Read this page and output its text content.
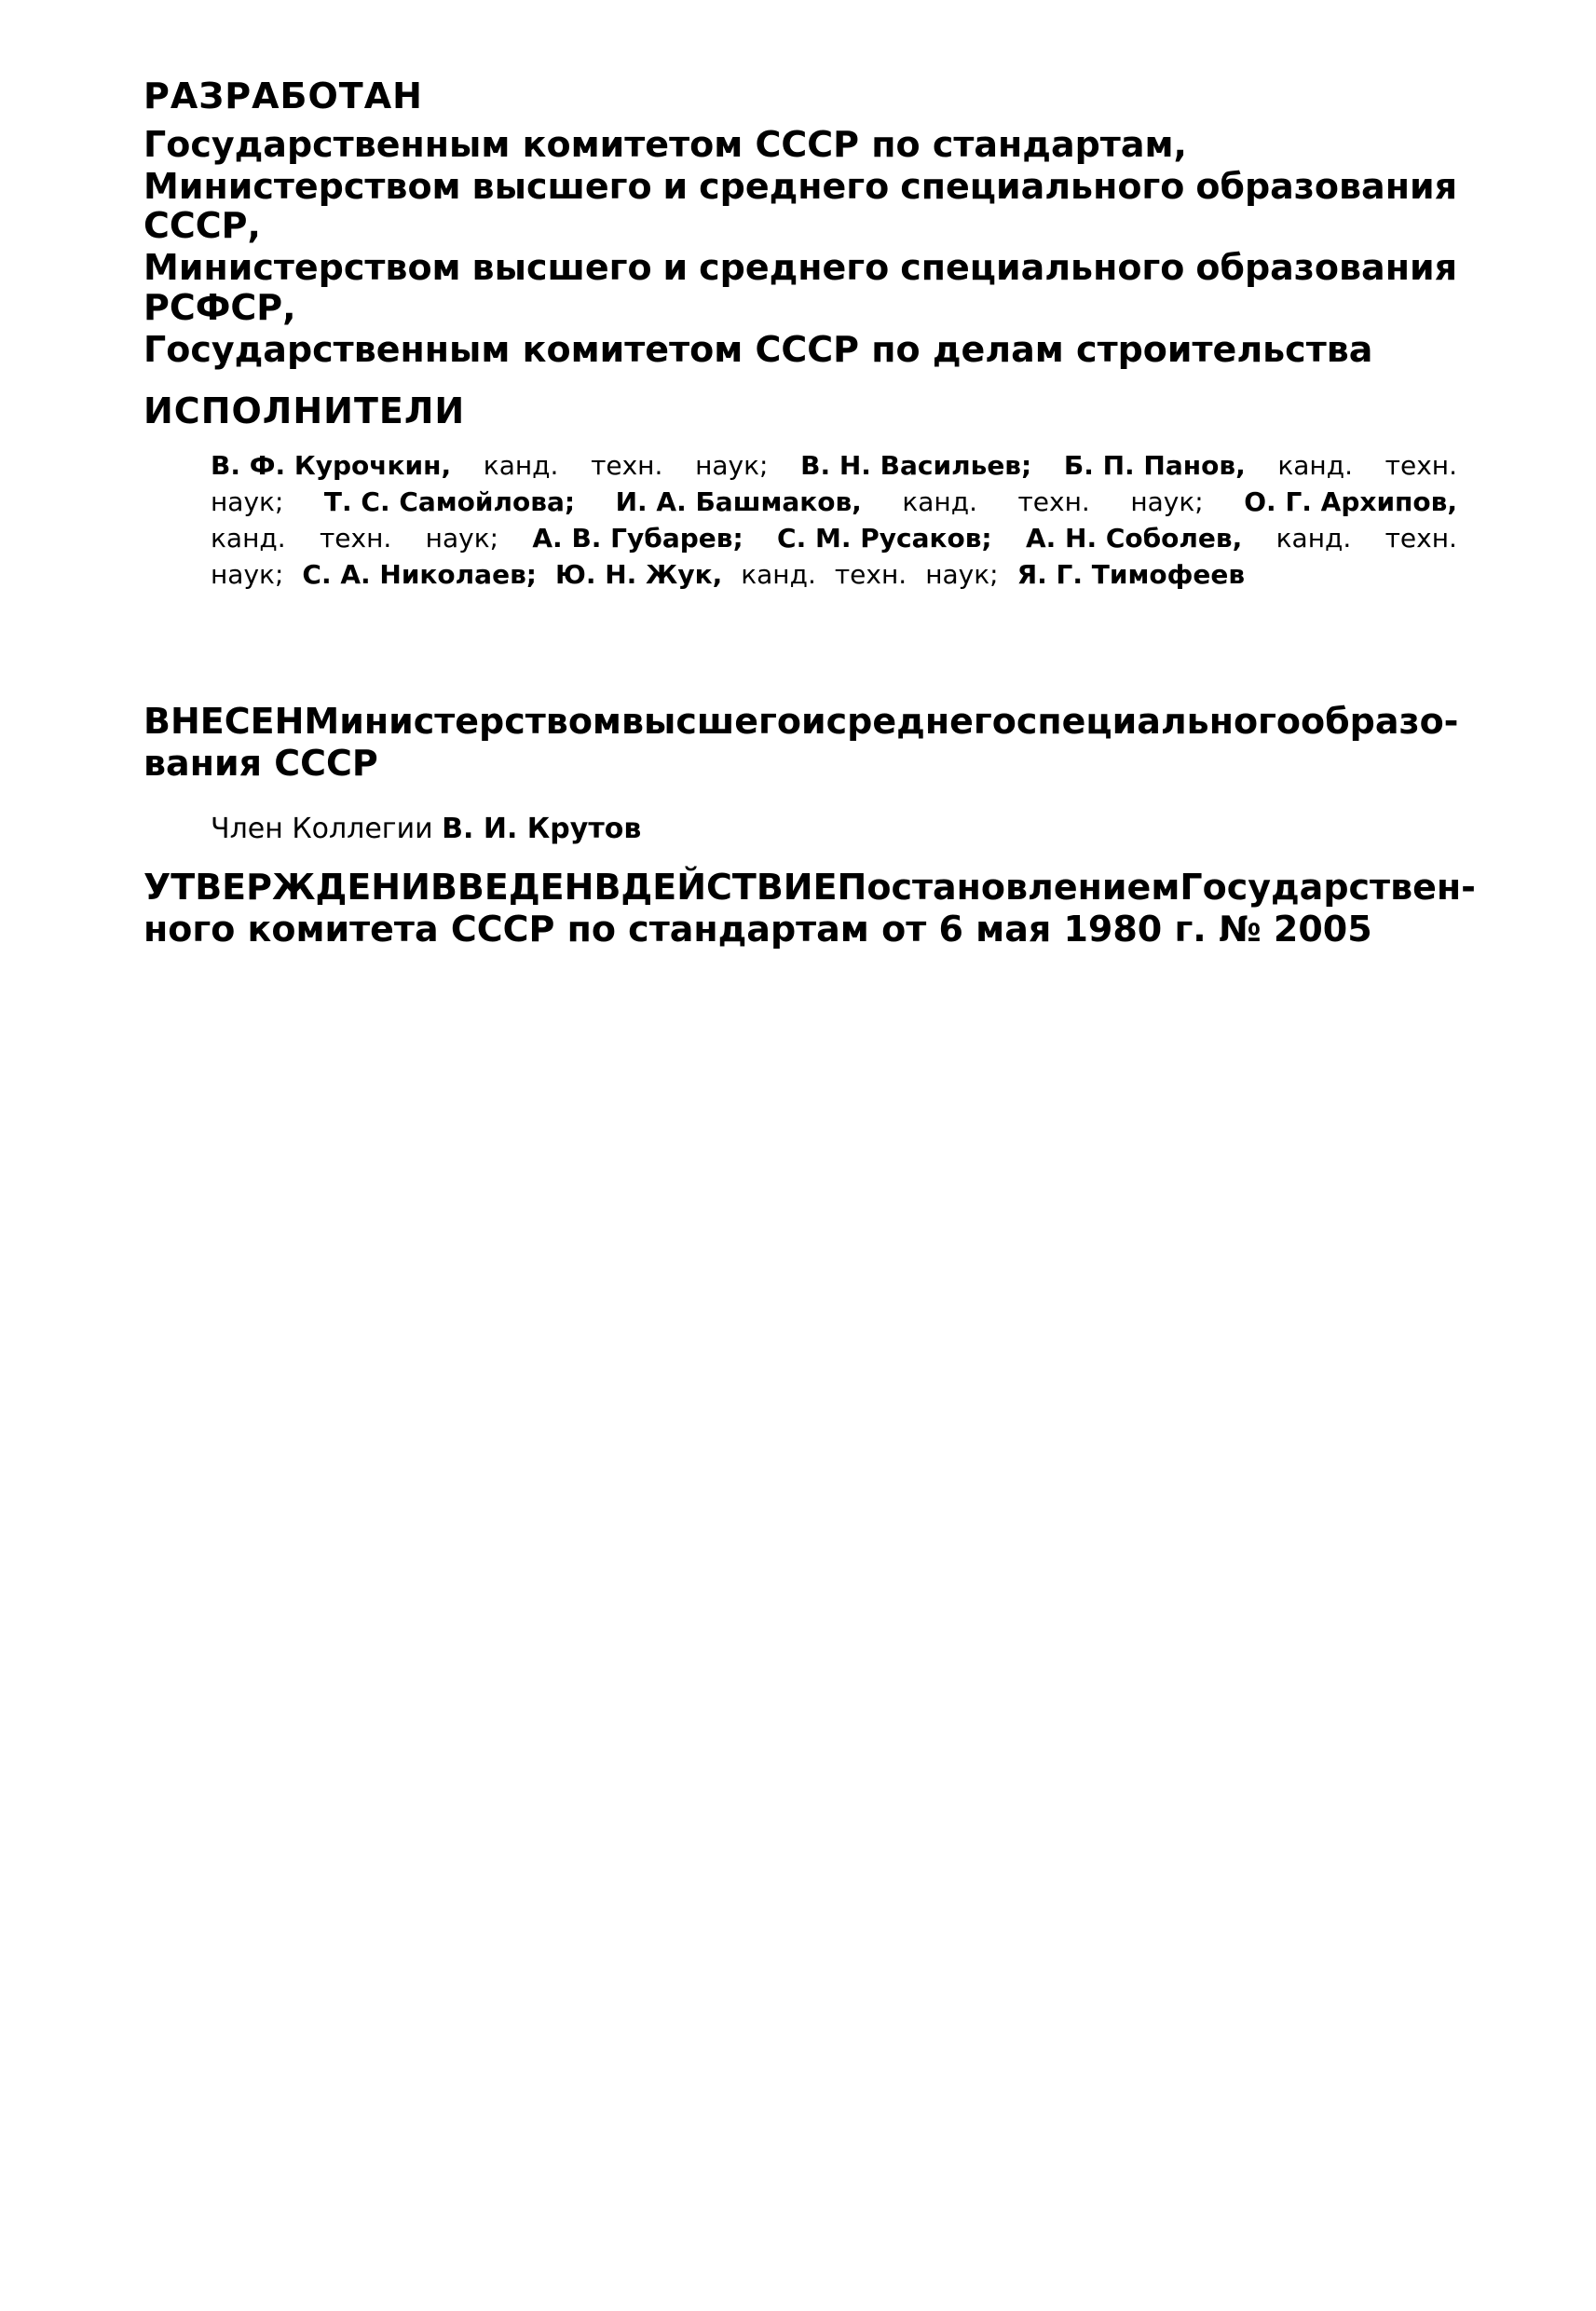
РАЗРАБОТАН
Государственным комитетом СССР по стандартам,
Министерством высшего и среднего специального образования
СССР,
Министерством высшего и среднего специального образования
РСФСР,
Государственным комитетом СССР по делам строительства
ИСПОЛНИТЕЛИ
В. Ф. Курочкин, канд. техн. наук; В. Н. Васильев; Б. П. Панов, канд. техн.
наук; Т. С. Самойлова; И. А. Башмаков, канд. техн. наук; О. Г. Архипов,
канд. техн. наук; А. В. Губарев; С. М. Русаков; А. Н. Соболев, канд. техн.
наук; С. А. Николаев; Ю. Н. Жук, канд. техн. наук; Я. Г. Тимофеев
ВНЕСЕН Министерством высшего и среднего специального образо-
вания СССР
Член Коллегии В. И. Крутов
УТВЕРЖДЕН И ВВЕДЕН В ДЕЙСТВИЕ Постановлением Государствен-
ного комитета СССР по стандартам от 6 мая 1980 г. № 2005
